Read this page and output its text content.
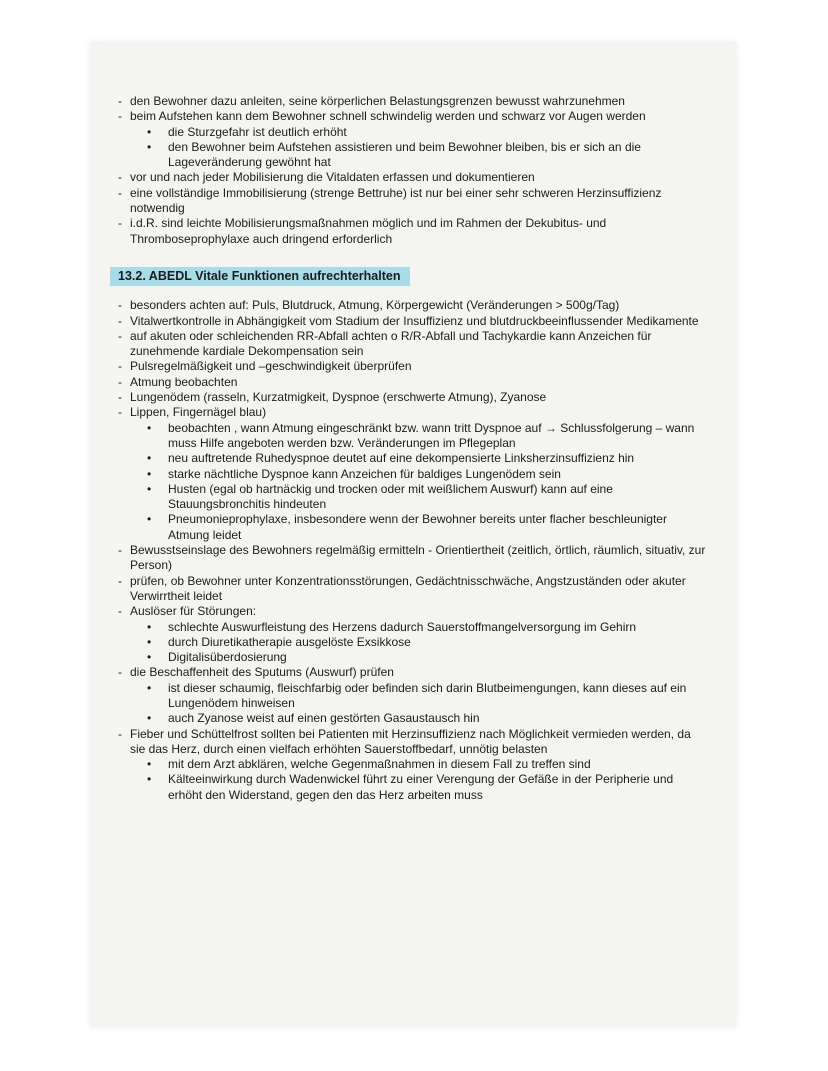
- den Bewohner dazu anleiten, seine körperlichen Belastungsgrenzen bewusst wahrzunehmen
- beim Aufstehen kann dem Bewohner schnell schwindelig werden und schwarz vor Augen werden
• die Sturzgefahr ist deutlich erhöht
• den Bewohner beim Aufstehen assistieren und beim Bewohner bleiben, bis er sich an die Lageveränderung gewöhnt hat
- vor und nach jeder Mobilisierung die Vitaldaten erfassen und dokumentieren
- eine vollständige Immobilisierung (strenge Bettruhe) ist nur bei einer sehr schweren Herzinsuffizienz notwendig
- i.d.R. sind leichte Mobilisierungsmaßnahmen möglich und im Rahmen der Dekubitus- und Thromboseprophylaxe auch dringend erforderlich
13.2. ABEDL Vitale Funktionen aufrechterhalten
- besonders achten auf: Puls, Blutdruck, Atmung, Körpergewicht (Veränderungen > 500g/Tag)
- Vitalwertkontrolle in Abhängigkeit vom Stadium der Insuffizienz und blutdruckbeeinflussender Medikamente
- auf akuten oder schleichenden RR-Abfall achten o R/R-Abfall und Tachykardie kann Anzeichen für zunehmende kardiale Dekompensation sein
- Pulsregelmäßigkeit und –geschwindigkeit überprüfen
- Atmung beobachten
- Lungenödem (rasseln, Kurzatmigkeit, Dyspnoe (erschwerte Atmung), Zyanose
- Lippen, Fingernägel blau)
• beobachten , wann Atmung eingeschränkt bzw. wann tritt Dyspnoe auf → Schlussfolgerung – wann muss Hilfe angeboten werden bzw. Veränderungen im Pflegeplan
• neu auftretende Ruhedyspnoe deutet auf eine dekompensierte Linksherzinsuffizienz hin
• starke nächtliche Dyspnoe kann Anzeichen für baldiges Lungenödem sein
• Husten (egal ob hartnäckig und trocken oder mit weißlichem Auswurf) kann auf eine Stauungsbronchitis hindeuten
• Pneumonieprophylaxe, insbesondere wenn der Bewohner bereits unter flacher beschleunigter Atmung leidet
- Bewusstseinslage des Bewohners regelmäßig ermitteln - Orientiertheit (zeitlich, örtlich, räumlich, situativ, zur Person)
- prüfen, ob Bewohner unter Konzentrationsstörungen, Gedächtnisschwäche, Angstzuständen oder akuter Verwirrtheit leidet
- Auslöser für Störungen:
• schlechte Auswurfleistung des Herzens dadurch Sauerstoffmangelversorgung im Gehirn
• durch Diuretikatherapie ausgelöste Exsikkose
• Digitalisüberdosierung
- die Beschaffenheit des Sputums (Auswurf) prüfen
• ist dieser schaumig, fleischfarbig oder befinden sich darin Blutbeimengungen, kann dieses auf ein Lungenödem hinweisen
• auch Zyanose weist auf einen gestörten Gasaustausch hin
- Fieber und Schüttelfrost sollten bei Patienten mit Herzinsuffizienz nach Möglichkeit vermieden werden, da sie das Herz, durch einen vielfach erhöhten Sauerstoffbedarf, unnötig belasten
• mit dem Arzt abklären, welche Gegenmaßnahmen in diesem Fall zu treffen sind
• Kälteeinwirkung durch Wadenwickel führt zu einer Verengung der Gefäße in der Peripherie und erhöht den Widerstand, gegen den das Herz arbeiten muss
